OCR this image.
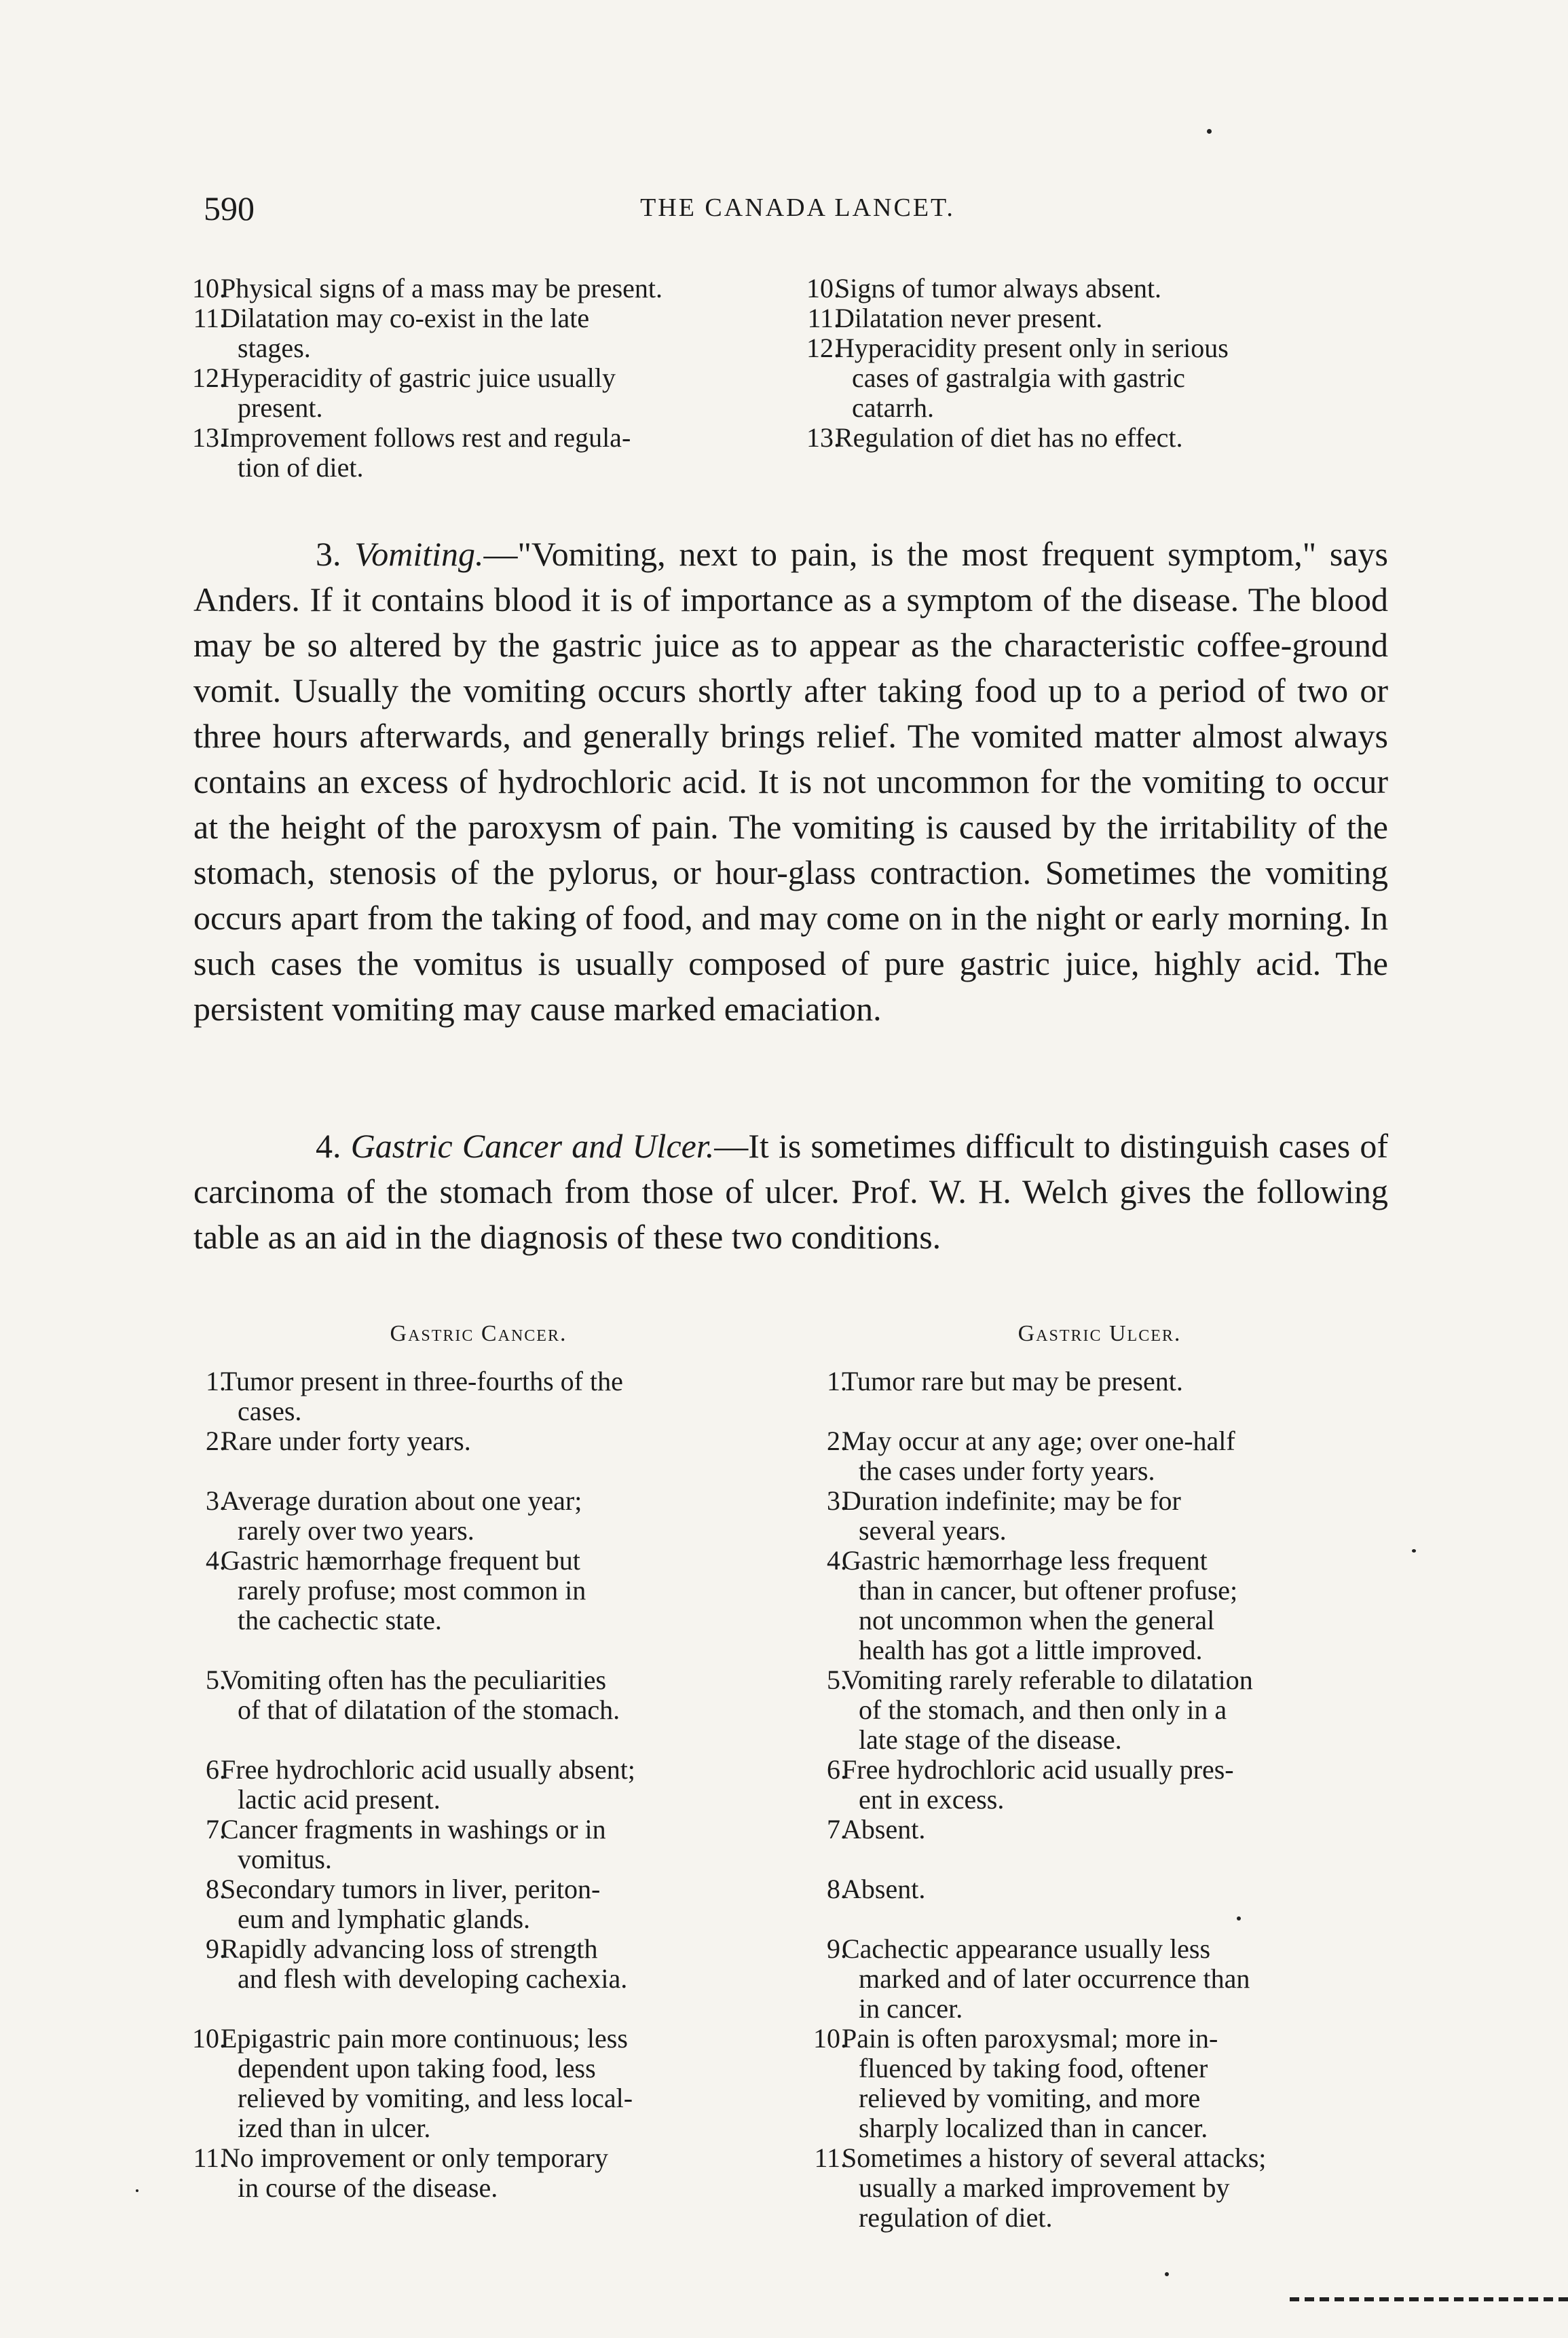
590	THE CANADA LANCET.
10.
Physical signs of a mass may be present.
11.
Dilatation may co-exist in the late
stages.
12.
Hyperacidity of gastric juice usually
present.
13.
Improvement follows rest and regula-
tion of diet.
10.
Signs of tumor always absent.
11.
Dilatation never present.
12.
Hyperacidity present only in serious
cases of gastralgia with gastric
catarrh.
13.
Regulation of diet has no effect.

3. Vomiting.—"Vomiting, next to pain, is the most frequent symptom," says Anders. If it contains blood it is of importance as a symptom of the disease. The blood may be so altered by the gastric juice as to appear as the characteristic coffee-ground vomit. Usually the vomiting occurs shortly after taking food up to a period of two or three hours afterwards, and generally brings relief. The vomited matter almost always contains an excess of hydrochloric acid. It is not uncommon for the vomiting to occur at the height of the paroxysm of pain. The vomiting is caused by the irritability of the stomach, stenosis of the pylorus, or hour-glass contraction. Sometimes the vomiting occurs apart from the taking of food, and may come on in the night or early morning. In such cases the vomitus is usually composed of pure gastric juice, highly acid. The persistent vomiting may cause marked emaciation.

4. Gastric Cancer and Ulcer.—It is sometimes difficult to distinguish cases of carcinoma of the stomach from those of ulcer. Prof. W. H. Welch gives the following table as an aid in the diagnosis of these two conditions.

Gastric Cancer.	Gastric Ulcer.
1.
Tumor present in three-fourths of the
cases.
2.
Rare under forty years.
3.
Average duration about one year;
rarely over two years.
4.
Gastric hæmorrhage frequent but
rarely profuse; most common in
the cachectic state.
5.
Vomiting often has the peculiarities
of that of dilatation of the stomach.
6.
Free hydrochloric acid usually absent;
lactic acid present.
7.
Cancer fragments in washings or in
vomitus.
8.
Secondary tumors in liver, periton-
eum and lymphatic glands.
9.
Rapidly advancing loss of strength
and flesh with developing cachexia.
10.
Epigastric pain more continuous; less
dependent upon taking food, less
relieved by vomiting, and less local-
ized than in ulcer.
11.
No improvement or only temporary
in course of the disease.
1.
Tumor rare but may be present.
2.
May occur at any age; over one-half
the cases under forty years.
3.
Duration indefinite; may be for
several years.
4.
Gastric hæmorrhage less frequent
than in cancer, but oftener profuse;
not uncommon when the general
health has got a little improved.
5.
Vomiting rarely referable to dilatation
of the stomach, and then only in a
late stage of the disease.
6.
Free hydrochloric acid usually pres-
ent in excess.
7.
Absent.
8.
Absent.
9.
Cachectic appearance usually less
marked and of later occurrence than
in cancer.
10.
Pain is often paroxysmal; more in-
fluenced by taking food, oftener
relieved by vomiting, and more
sharply localized than in cancer.
11.
Sometimes a history of several attacks;
usually a marked improvement by
regulation of diet.
